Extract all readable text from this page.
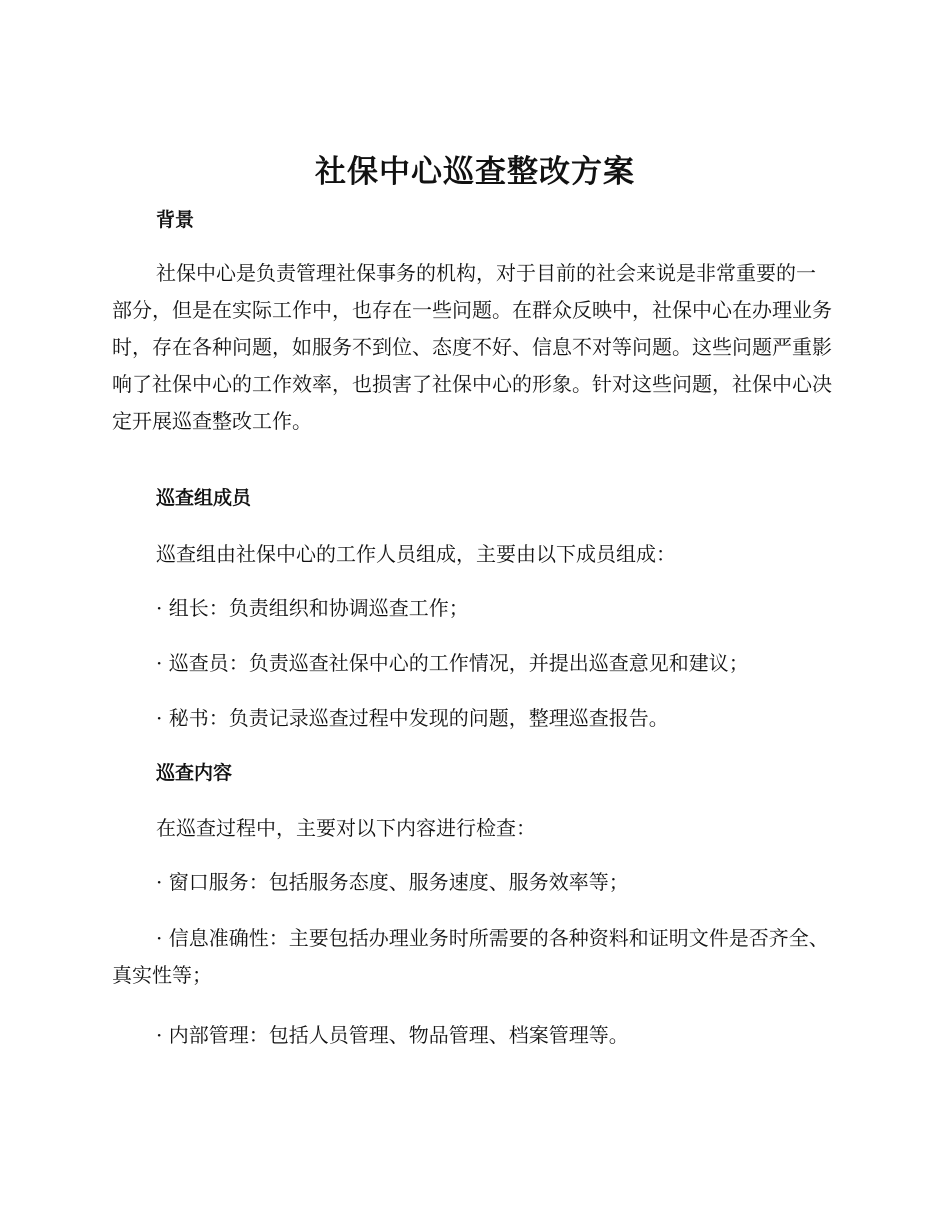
社保中心巡查整改方案

背景

社保中心是负责管理社保事务的机构，对于目前的社会来说是非常重要的一部分，但是在实际工作中，也存在一些问题。在群众反映中，社保中心在办理业务时，存在各种问题，如服务不到位、态度不好、信息不对等问题。这些问题严重影响了社保中心的工作效率，也损害了社保中心的形象。针对这些问题，社保中心决定开展巡查整改工作。

巡查组成员

巡查组由社保中心的工作人员组成，主要由以下成员组成：

· 组长：负责组织和协调巡查工作；

· 巡查员：负责巡查社保中心的工作情况，并提出巡查意见和建议；

· 秘书：负责记录巡查过程中发现的问题，整理巡查报告。

巡查内容

在巡查过程中，主要对以下内容进行检查：

· 窗口服务：包括服务态度、服务速度、服务效率等；

· 信息准确性：主要包括办理业务时所需要的各种资料和证明文件是否齐全、真实性等；

· 内部管理：包括人员管理、物品管理、档案管理等。
